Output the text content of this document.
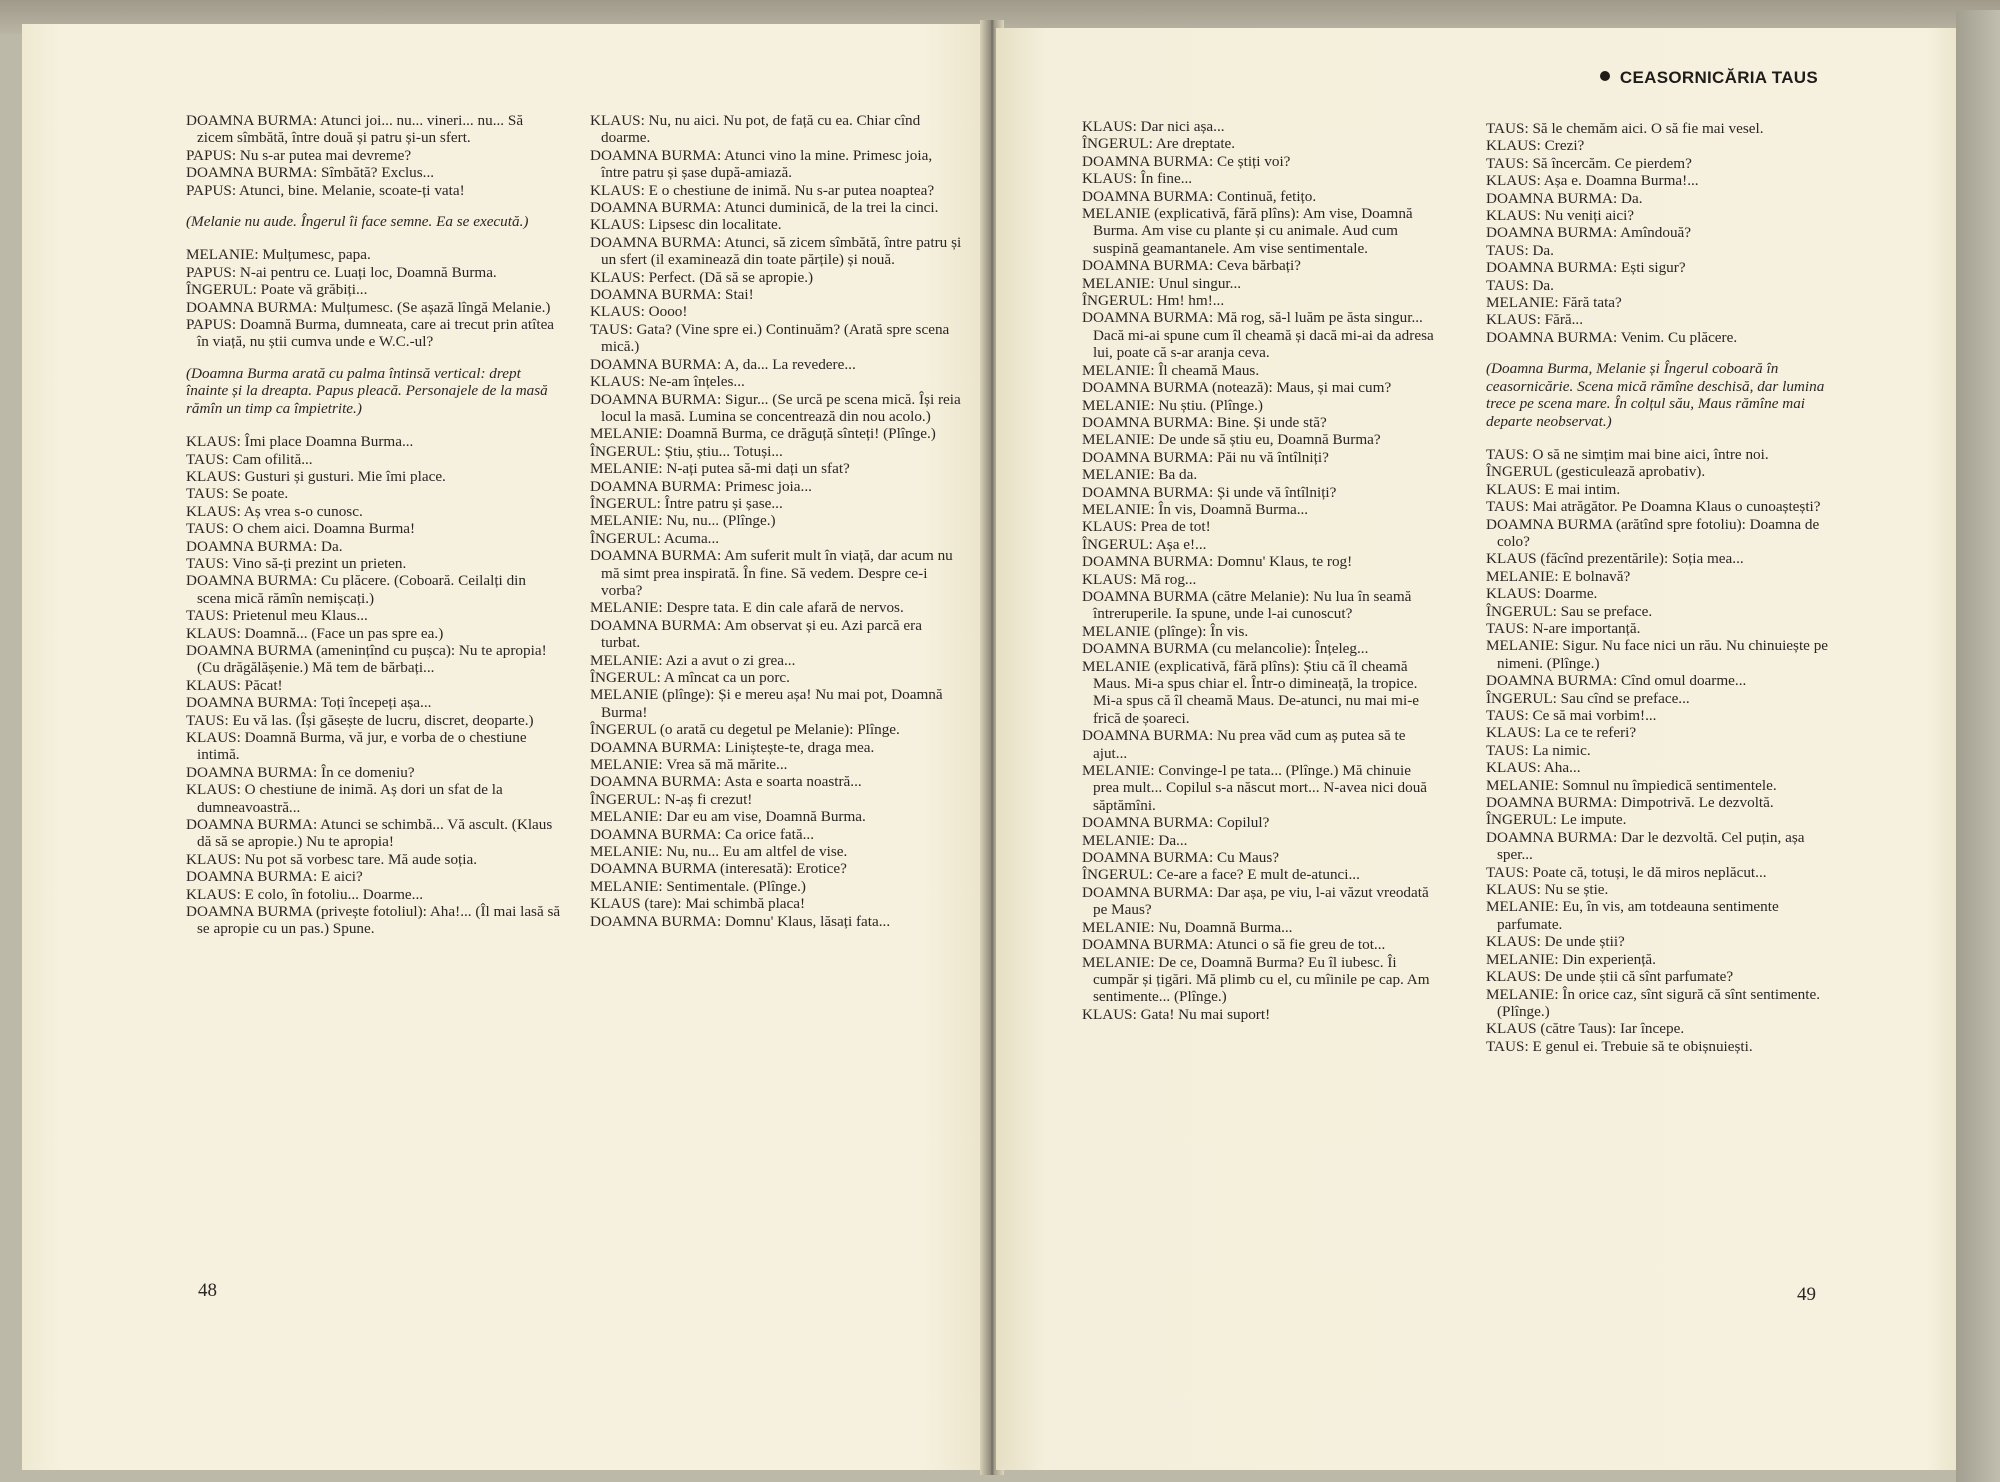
DOAMNA BURMA: Atunci joi... nu... vineri... nu... Să zicem sîmbătă, între două și patru și-un sfert.

PAPUS: Nu s-ar putea mai devreme?

DOAMNA BURMA: Sîmbătă? Exclus...

PAPUS: Atunci, bine. Melanie, scoate-ți vata!

(Melanie nu aude. Îngerul îi face semne. Ea se execută.)

MELANIE: Mulțumesc, papa.

PAPUS: N-ai pentru ce. Luați loc, Doamnă Burma.

ÎNGERUL: Poate vă grăbiți...

DOAMNA BURMA: Mulțumesc. (Se așază lîngă Melanie.)

PAPUS: Doamnă Burma, dumneata, care ai trecut prin atîtea în viață, nu știi cumva unde e W.C.-ul?

(Doamna Burma arată cu palma întinsă vertical: drept înainte și la dreapta. Papus pleacă. Personajele de la masă rămîn un timp ca împietrite.)

KLAUS: Îmi place Doamna Burma...

TAUS: Cam ofilită...

KLAUS: Gusturi și gusturi. Mie îmi place.

TAUS: Se poate.

KLAUS: Aș vrea s-o cunosc.

TAUS: O chem aici. Doamna Burma!

DOAMNA BURMA: Da.

TAUS: Vino să-ți prezint un prieten.

DOAMNA BURMA: Cu plăcere. (Coboară. Ceilalți din scena mică rămîn nemișcați.)

TAUS: Prietenul meu Klaus...

KLAUS: Doamnă... (Face un pas spre ea.)

DOAMNA BURMA (amenințînd cu pușca): Nu te apropia! (Cu drăgălășenie.) Mă tem de bărbați...

KLAUS: Păcat!

DOAMNA BURMA: Toți începeți așa...

TAUS: Eu vă las. (Își găsește de lucru, discret, deoparte.)

KLAUS: Doamnă Burma, vă jur, e vorba de o chestiune intimă.

DOAMNA BURMA: În ce domeniu?

KLAUS: O chestiune de inimă. Aș dori un sfat de la dumneavoastră...

DOAMNA BURMA: Atunci se schimbă... Vă ascult. (Klaus dă să se apropie.) Nu te apropia!

KLAUS: Nu pot să vorbesc tare. Mă aude soția.

DOAMNA BURMA: E aici?

KLAUS: E colo, în fotoliu... Doarme...

DOAMNA BURMA (privește fotoliul): Aha!... (Îl mai lasă să se apropie cu un pas.) Spune.

KLAUS: Nu, nu aici. Nu pot, de față cu ea. Chiar cînd doarme.

DOAMNA BURMA: Atunci vino la mine. Primesc joia, între patru și șase după-amiază.

KLAUS: E o chestiune de inimă. Nu s-ar putea noaptea?

DOAMNA BURMA: Atunci duminică, de la trei la cinci.

KLAUS: Lipsesc din localitate.

DOAMNA BURMA: Atunci, să zicem sîmbătă, între patru și un sfert (il examinează din toate părțile) și nouă.

KLAUS: Perfect. (Dă să se apropie.)

DOAMNA BURMA: Stai!

KLAUS: Oooo!

TAUS: Gata? (Vine spre ei.) Continuăm? (Arată spre scena mică.)

DOAMNA BURMA: A, da... La revedere...

KLAUS: Ne-am înțeles...

DOAMNA BURMA: Sigur... (Se urcă pe scena mică. Își reia locul la masă. Lumina se concentrează din nou acolo.)

MELANIE: Doamnă Burma, ce drăguță sînteți! (Plînge.)

ÎNGERUL: Știu, știu... Totuși...

MELANIE: N-ați putea să-mi dați un sfat?

DOAMNA BURMA: Primesc joia...

ÎNGERUL: Între patru și șase...

MELANIE: Nu, nu... (Plînge.)

ÎNGERUL: Acuma...

DOAMNA BURMA: Am suferit mult în viață, dar acum nu mă simt prea inspirată. În fine. Să vedem. Despre ce-i vorba?

MELANIE: Despre tata. E din cale afară de nervos.

DOAMNA BURMA: Am observat și eu. Azi parcă era turbat.

MELANIE: Azi a avut o zi grea...

ÎNGERUL: A mîncat ca un porc.

MELANIE (plînge): Și e mereu așa! Nu mai pot, Doamnă Burma!

ÎNGERUL (o arată cu degetul pe Melanie): Plînge.

DOAMNA BURMA: Liniștește-te, draga mea.

MELANIE: Vrea să mă mărite...

DOAMNA BURMA: Asta e soarta noastră...

ÎNGERUL: N-aș fi crezut!

MELANIE: Dar eu am vise, Doamnă Burma.

DOAMNA BURMA: Ca orice fată...

MELANIE: Nu, nu... Eu am altfel de vise.

DOAMNA BURMA (interesată): Erotice?

MELANIE: Sentimentale. (Plînge.)

KLAUS (tare): Mai schimbă placa!

DOAMNA BURMA: Domnu' Klaus, lăsați fata...

48
CEASORNICĂRIA TAUS

KLAUS: Dar nici așa...

ÎNGERUL: Are dreptate.

DOAMNA BURMA: Ce știți voi?

KLAUS: În fine...

DOAMNA BURMA: Continuă, fetițo.

MELANIE (explicativă, fără plîns): Am vise, Doamnă Burma. Am vise cu plante și cu animale. Aud cum suspină geamantanele. Am vise sentimentale.

DOAMNA BURMA: Ceva bărbați?

MELANIE: Unul singur...

ÎNGERUL: Hm! hm!...

DOAMNA BURMA: Mă rog, să-l luăm pe ăsta singur... Dacă mi-ai spune cum îl cheamă și dacă mi-ai da adresa lui, poate că s-ar aranja ceva.

MELANIE: Îl cheamă Maus.

DOAMNA BURMA (notează): Maus, și mai cum?

MELANIE: Nu știu. (Plînge.)

DOAMNA BURMA: Bine. Și unde stă?

MELANIE: De unde să știu eu, Doamnă Burma?

DOAMNA BURMA: Păi nu vă întîlniți?

MELANIE: Ba da.

DOAMNA BURMA: Și unde vă întîlniți?

MELANIE: În vis, Doamnă Burma...

KLAUS: Prea de tot!

ÎNGERUL: Așa e!...

DOAMNA BURMA: Domnu' Klaus, te rog!

KLAUS: Mă rog...

DOAMNA BURMA (către Melanie): Nu lua în seamă întreruperile. Ia spune, unde l-ai cunoscut?

MELANIE (plînge): În vis.

DOAMNA BURMA (cu melancolie): Înțeleg...

MELANIE (explicativă, fără plîns): Știu că îl cheamă Maus. Mi-a spus chiar el. Într-o dimineață, la tropice. Mi-a spus că îl cheamă Maus. De-atunci, nu mai mi-e frică de șoareci.

DOAMNA BURMA: Nu prea văd cum aș putea să te ajut...

MELANIE: Convinge-l pe tata... (Plînge.) Mă chinuie prea mult... Copilul s-a născut mort... N-avea nici două săptămîni.

DOAMNA BURMA: Copilul?

MELANIE: Da...

DOAMNA BURMA: Cu Maus?

ÎNGERUL: Ce-are a face? E mult de-atunci...

DOAMNA BURMA: Dar așa, pe viu, l-ai văzut vreodată pe Maus?

MELANIE: Nu, Doamnă Burma...

DOAMNA BURMA: Atunci o să fie greu de tot...

MELANIE: De ce, Doamnă Burma? Eu îl iubesc. Îi cumpăr și țigări. Mă plimb cu el, cu mîinile pe cap. Am sentimente... (Plînge.)

KLAUS: Gata! Nu mai suport!

TAUS: Să le chemăm aici. O să fie mai vesel.

KLAUS: Crezi?

TAUS: Să încercăm. Ce pierdem?

KLAUS: Așa e. Doamna Burma!...

DOAMNA BURMA: Da.

KLAUS: Nu veniți aici?

DOAMNA BURMA: Amîndouă?

TAUS: Da.

DOAMNA BURMA: Ești sigur?

TAUS: Da.

MELANIE: Fără tata?

KLAUS: Fără...

DOAMNA BURMA: Venim. Cu plăcere.

(Doamna Burma, Melanie și Îngerul coboară în ceasornicărie. Scena mică rămîne deschisă, dar lumina trece pe scena mare. În colțul său, Maus rămîne mai departe neobservat.)

TAUS: O să ne simțim mai bine aici, între noi.

ÎNGERUL (gesticulează aprobativ).

KLAUS: E mai intim.

TAUS: Mai atrăgător. Pe Doamna Klaus o cunoaștești?

DOAMNA BURMA (arătînd spre fotoliu): Doamna de colo?

KLAUS (făcînd prezentările): Soția mea...

MELANIE: E bolnavă?

KLAUS: Doarme.

ÎNGERUL: Sau se preface.

TAUS: N-are importanță.

MELANIE: Sigur. Nu face nici un rău. Nu chinuiește pe nimeni. (Plînge.)

DOAMNA BURMA: Cînd omul doarme...

ÎNGERUL: Sau cînd se preface...

TAUS: Ce să mai vorbim!...

KLAUS: La ce te referi?

TAUS: La nimic.

KLAUS: Aha...

MELANIE: Somnul nu împiedică sentimentele.

DOAMNA BURMA: Dimpotrivă. Le dezvoltă.

ÎNGERUL: Le impute.

DOAMNA BURMA: Dar le dezvoltă. Cel puțin, așa sper...

TAUS: Poate că, totuși, le dă miros neplăcut...

KLAUS: Nu se știe.

MELANIE: Eu, în vis, am totdeauna sentimente parfumate.

KLAUS: De unde știi?

MELANIE: Din experiență.

KLAUS: De unde știi că sînt parfumate?

MELANIE: În orice caz, sînt sigură că sînt sentimente. (Plînge.)

KLAUS (către Taus): Iar începe.

TAUS: E genul ei. Trebuie să te obișnuiești.

49
